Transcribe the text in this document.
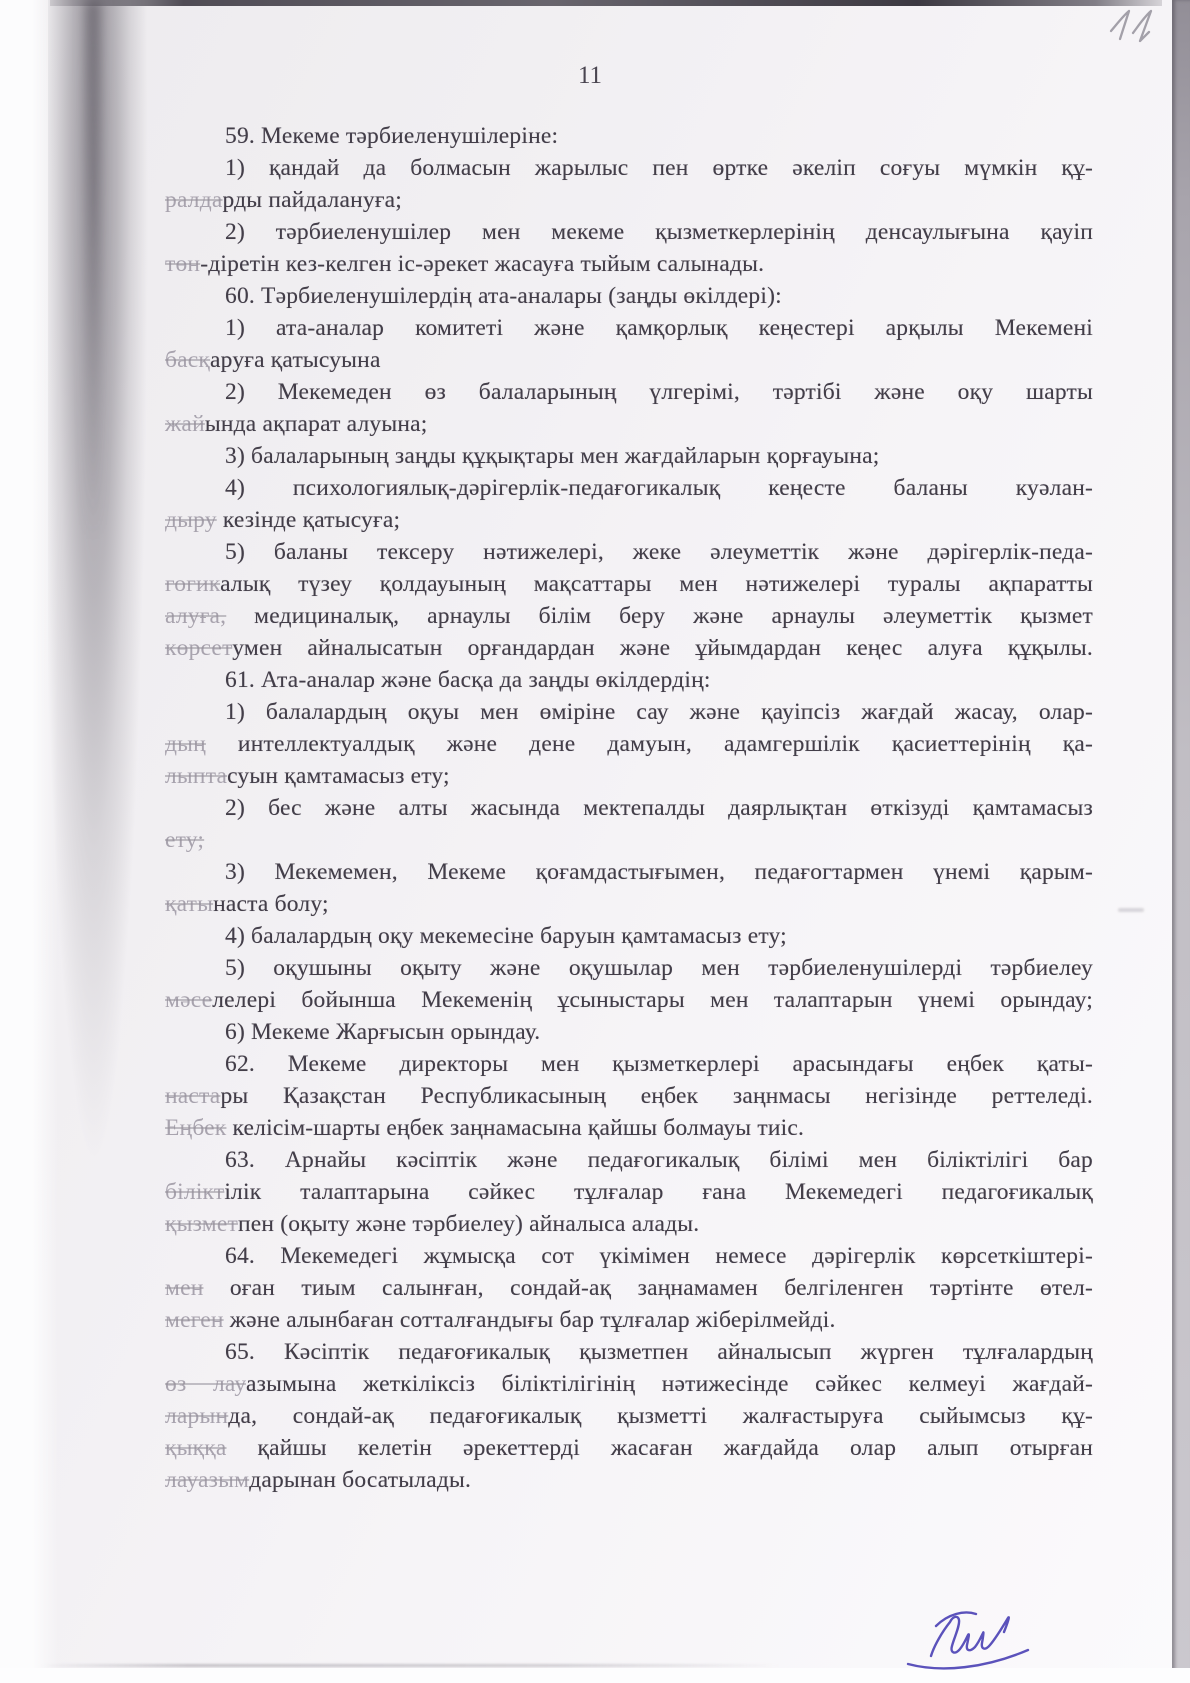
11
59. Мекеме тәрбиеленушілеріне:
1) қандай да болмасын жарылыс пен өртке әкеліп соғуы мүмкін құ-
ралдарды пайдалануға;
2) тәрбиеленушілер мен мекеме қызметкерлерінің денсаулығына қауіп
төн-діретін кез-келген іс-әрекет жасауға тыйым салынады.
60. Тәрбиеленушілердің ата-аналары (заңды өкілдері):
1) ата-аналар комитеті және қамқорлық кеңестері арқылы Мекемені
басқаруға қатысуына
2) Мекемеден өз балаларының үлгерімі, тәртібі және оқу шарты
жайында ақпарат алуына;
3) балаларының заңды құқықтары мен жағдайларын қорғауына;
4) психологиялық-дәрігерлік-педағогикалық кеңесте баланы куәлан-
дыру кезінде қатысуға;
5) баланы тексеру нәтижелері, жеке әлеуметтік және дәрігерлік-педа-
гогикалық түзеу қолдауының мақсаттары мен нәтижелері туралы ақпаратты
алуға, медициналық, арнаулы білім беру және арнаулы әлеуметтік қызмет
көрсетумен айналысатын орғандардан және ұйымдардан кеңес алуға құқылы.
61. Ата-аналар және басқа да заңды өкілдердің:
1) балалардың оқуы мен өміріне сау және қауіпсіз жағдай жасау, олар-
дың интеллектуалдық және дене дамуын, адамгершілік қасиеттерінің қа-
лыптасуын қамтамасыз ету;
2) бес және алты жасында мектепалды даярлықтан өткізуді қамтамасыз
ету;
3) Мекемемен, Мекеме қоғамдастығымен, педағогтармен үнемі қарым-
қатынаста болу;
4) балалардың оқу мекемесіне баруын қамтамасыз ету;
5) оқушыны оқыту және оқушылар мен тәрбиеленушілерді тәрбиелеу
мәселелері бойынша Мекеменің ұсыныстары мен талаптарын үнемі орындау;
6) Мекеме Жарғысын орындау.
62. Мекеме директоры мен қызметкерлері арасындағы еңбек қаты-
настары Қазақстан Республикасының еңбек заңнмасы негізінде реттеледі.
Еңбек келісім-шарты еңбек заңнамасына қайшы болмауы тиіс.
63. Арнайы кәсіптік және педағогикалық білімі мен біліктілігі бар
біліктілік талаптарына сәйкес тұлғалар ғана Мекемедегі педагоғикалық
қызметпен (оқыту және тәрбиелеу) айналыса алады.
64. Мекемедегі жұмысқа сот үкімімен немесе дәрігерлік көрсеткіштері-
мен оған тиым салынған, сондай-ақ заңнамамен белгіленген тәртінте өтел-
меген және алынбаған сотталғандығы бар тұлғалар жіберілмейді.
65. Кәсіптік педағоғикалық қызметпен айналысып жүрген тұлғалардың
өз лауазымына жеткіліксіз біліктілігінің нәтижесінде сәйкес келмеуі жағдай-
ларында, сондай-ақ педағоғикалық қызметті жалғастыруға сыйымсыз құ-
қыққа қайшы келетін әрекеттерді жасаған жағдайда олар алып отырған
лауазымдарынан босатылады.
